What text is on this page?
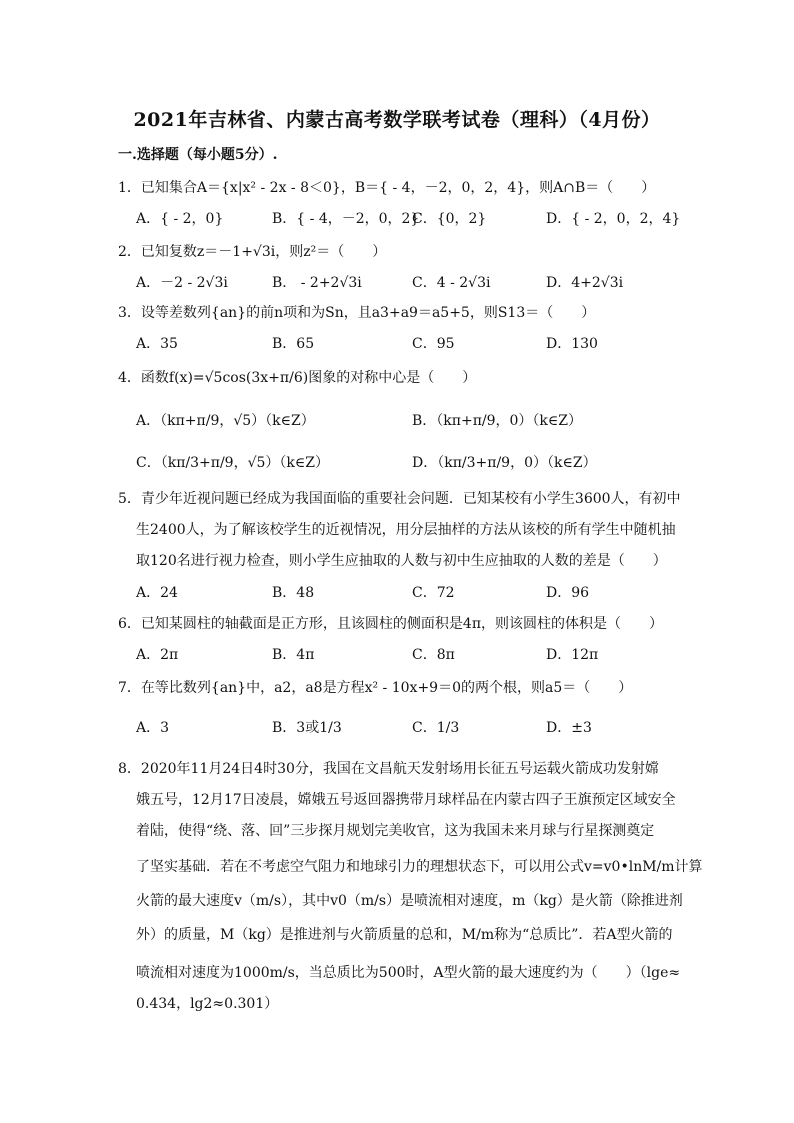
2021年吉林省、内蒙古高考数学联考试卷（理科）（4月份）
一.选择题（每小题5分）.
1．已知集合A＝{x|x² - 2x - 8＜0}，B＝{ - 4，－2，0，2，4}，则A∩B＝（　　）
A．{ - 2，0}	B．{ - 4，－2，0，2}
C．{0，2}	D．{ - 2，0，2，4}
2．已知复数z＝－1+√3i，则z²＝（　　）
A．－2 - 2√3i	B． - 2+2√3i	C．4 - 2√3i	D．4+2√3i
3．设等差数列{an}的前n项和为Sn，且a3+a9＝a5+5，则S13＝（　　）
A．35	B．65	C．95	D．130
4．函数f(x)=√5cos(3x+π/6)图象的对称中心是（　　）
A．（kπ+π/9，√5）（k∈Z）	B．（kπ+π/9，0）（k∈Z）
C．（kπ/3+π/9，√5）（k∈Z）	D．（kπ/3+π/9，0）（k∈Z）
5．青少年近视问题已经成为我国面临的重要社会问题．已知某校有小学生3600人，有初中
生2400人，为了解该校学生的近视情况，用分层抽样的方法从该校的所有学生中随机抽
取120名进行视力检查，则小学生应抽取的人数与初中生应抽取的人数的差是（　　）
A．24	B．48	C．72	D．96
6．已知某圆柱的轴截面是正方形，且该圆柱的侧面积是4π，则该圆柱的体积是（　　）
A．2π	B．4π	C．8π	D．12π
7．在等比数列{an}中，a2，a8是方程x² - 10x+9＝0的两个根，则a5＝（　　）
A．3	B．3或1/3	C．1/3	D．±3
8．2020年11月24日4时30分，我国在文昌航天发射场用长征五号运载火箭成功发射嫦
娥五号，12月17日凌晨，嫦娥五号返回器携带月球样品在内蒙古四子王旗预定区域安全
着陆，使得“绕、落、回”三步探月规划完美收官，这为我国未来月球与行星探测奠定
了坚实基础．若在不考虑空气阻力和地球引力的理想状态下，可以用公式v=v0•lnM/m计算
火箭的最大速度v（m/s），其中v0（m/s）是喷流相对速度，m（kg）是火箭（除推进剂
外）的质量，M（kg）是推进剂与火箭质量的总和，M/m称为“总质比”．若A型火箭的
喷流相对速度为1000m/s，当总质比为500时，A型火箭的最大速度约为（　　）（lge≈
0.434，lg2≈0.301）
